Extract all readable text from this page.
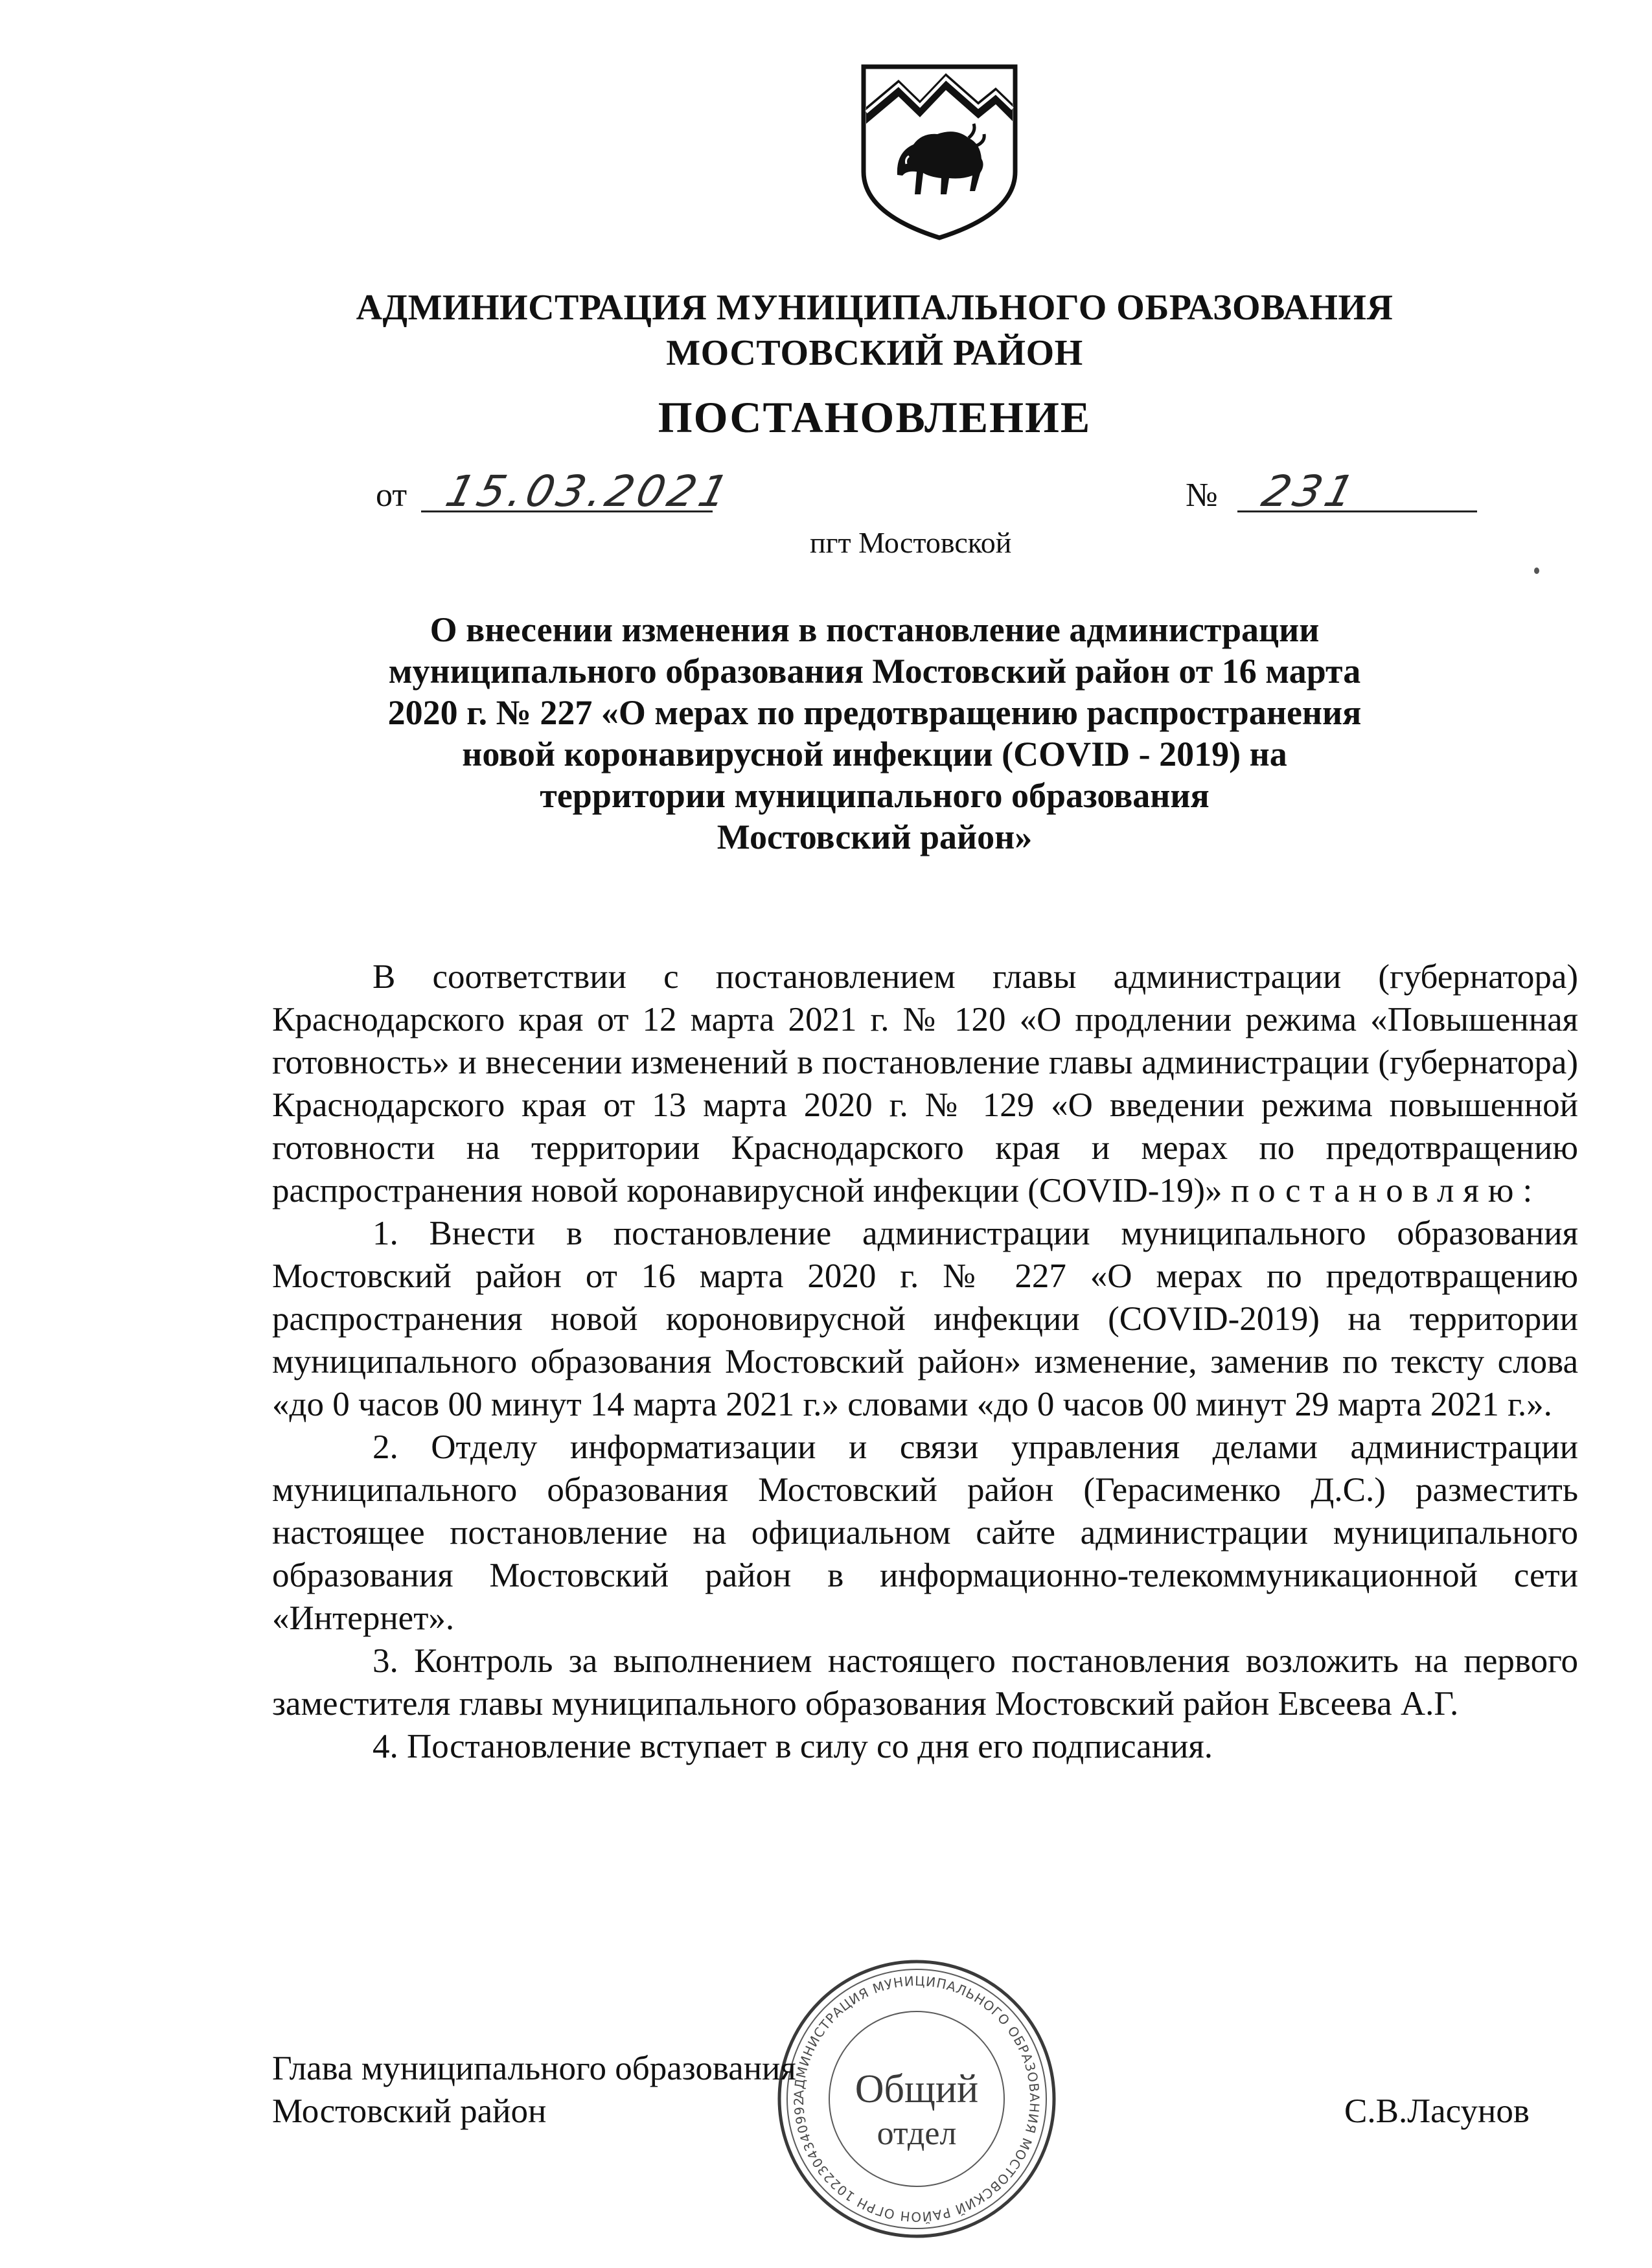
АДМИНИСТРАЦИЯ МУНИЦИПАЛЬНОГО ОБРАЗОВАНИЯ
МОСТОВСКИЙ РАЙОН
ПОСТАНОВЛЕНИЕ
от 15.03.2021	№ 231
пгт Мостовской
О внесении изменения в постановление администрации
муниципального образования Мостовский район от 16 марта
2020 г. № 227 «О мерах по предотвращению распространения
новой коронавирусной инфекции (COVID - 2019) на
территории муниципального образования
Мостовский район»

В соответствии с постановлением главы администрации (губернатора) Краснодарского края от 12 марта 2021 г. № 120 «О продлении режима «Повышенная готовность» и внесении изменений в постановление главы администрации (губернатора) Краснодарского края от 13 марта 2020 г. № 129 «О введении режима повышенной готовности на территории Краснодарского края и мерах по предотвращению распространения новой коронавирусной инфекции (COVID-19)» постановляю:

1. Внести в постановление администрации муниципального образования Мостовский район от 16 марта 2020 г. № 227 «О мерах по предотвращению распространения новой короновирусной инфекции (COVID-2019) на территории муниципального образования Мостовский район» изменение, заменив по тексту слова «до 0 часов 00 минут 14 марта 2021 г.» словами «до 0 часов 00 минут 29 марта 2021 г.».

2. Отделу информатизации и связи управления делами администрации муниципального образования Мостовский район (Герасименко Д.С.) разместить настоящее постановление на официальном сайте администрации муниципального образования Мостовский район в информационно-телекоммуникационной сети «Интернет».

3. Контроль за выполнением настоящего постановления возложить на первого заместителя главы муниципального образования Мостовский район Евсеева А.Г.

4. Постановление вступает в силу со дня его подписания.

АДМИНИСТРАЦИЯ МУНИЦИПАЛЬНОГО ОБРАЗОВАНИЯ МОСТОВСКИЙ РАЙОН ОГРН 1022304340992	Общий
отдел
Глава муниципального образования
Мостовский район	С.В.Ласунов
